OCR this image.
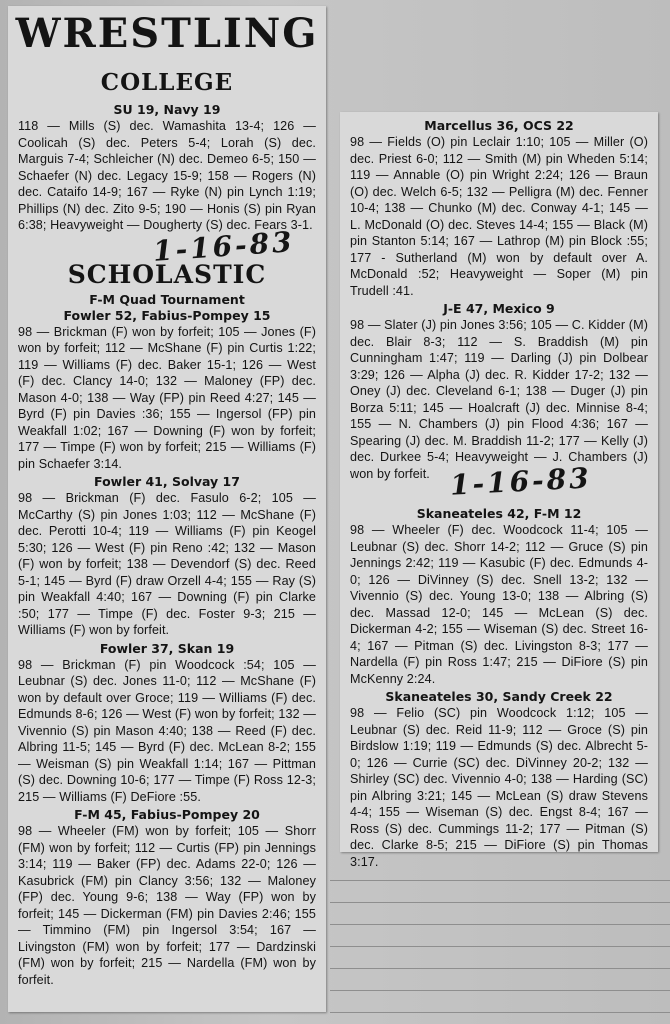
WRESTLING
COLLEGE
SU 19, Navy 19

118 — Mills (S) dec. Wamashita 13-4; 126 — Coolicah (S) dec. Peters 5-4; Lorah (S) dec. Marguis 7-4; Schleicher (N) dec. Demeo 6-5; 150 — Schaefer (N) dec. Legacy 15-9; 158 — Rogers (N) dec. Cataifo 14-9; 167 — Ryke (N) pin Lynch 1:19; Phillips (N) dec. Zito 9-5; 190 — Honis (S) pin Ryan 6:38; Heavyweight — Dougherty (S) dec. Fears 3-1.

SCHOLASTIC
F-M Quad Tournament
Fowler 52, Fabius-Pompey 15

98 — Brickman (F) won by forfeit; 105 — Jones (F) won by forfeit; 112 — McShane (F) pin Curtis 1:22; 119 — Williams (F) dec. Baker 15-1; 126 — West (F) dec. Clancy 14-0; 132 — Maloney (FP) dec. Mason 4-0; 138 — Way (FP) pin Reed 4:27; 145 — Byrd (F) pin Davies :36; 155 — Ingersol (FP) pin Weakfall 1:02; 167 — Downing (F) won by forfeit; 177 — Timpe (F) won by forfeit; 215 — Williams (F) pin Schaefer 3:14.

Fowler 41, Solvay 17

98 — Brickman (F) dec. Fasulo 6-2; 105 — McCarthy (S) pin Jones 1:03; 112 — McShane (F) dec. Perotti 10-4; 119 — Williams (F) pin Keogel 5:30; 126 — West (F) pin Reno :42; 132 — Mason (F) won by forfeit; 138 — Devendorf (S) dec. Reed 5-1; 145 — Byrd (F) draw Orzell 4-4; 155 — Ray (S) pin Weakfall 4:40; 167 — Downing (F) pin Clarke :50; 177 — Timpe (F) dec. Foster 9-3; 215 — Williams (F) won by forfeit.

Fowler 37, Skan 19

98 — Brickman (F) pin Woodcock :54; 105 — Leubnar (S) dec. Jones 11-0; 112 — McShane (F) won by default over Groce; 119 — Williams (F) dec. Edmunds 8-6; 126 — West (F) won by forfeit; 132 — Vivennio (S) pin Mason 4:40; 138 — Reed (F) dec. Albring 11-5; 145 — Byrd (F) dec. McLean 8-2; 155 — Weisman (S) pin Weakfall 1:14; 167 — Pittman (S) dec. Downing 10-6; 177 — Timpe (F) Ross 12-3; 215 — Williams (F) DeFiore :55.

F-M 45, Fabius-Pompey 20

98 — Wheeler (FM) won by forfeit; 105 — Shorr (FM) won by forfeit; 112 — Curtis (FP) pin Jennings 3:14; 119 — Baker (FP) dec. Adams 22-0; 126 — Kasubrick (FM) pin Clancy 3:56; 132 — Maloney (FP) dec. Young 9-6; 138 — Way (FP) won by forfeit; 145 — Dickerman (FM) pin Davies 2:46; 155 — Timmino (FM) pin Ingersol 3:54; 167 — Livingston (FM) won by forfeit; 177 — Dardzinski (FM) won by forfeit; 215 — Nardella (FM) won by forfeit.

1-16-83
Marcellus 36, OCS 22

98 — Fields (O) pin Leclair 1:10; 105 — Miller (O) dec. Priest 6-0; 112 — Smith (M) pin Wheden 5:14; 119 — Annable (O) pin Wright 2:24; 126 — Braun (O) dec. Welch 6-5; 132 — Pelligra (M) dec. Fenner 10-4; 138 — Chunko (M) dec. Conway 4-1; 145 — L. McDonald (O) dec. Steves 14-4; 155 — Black (M) pin Stanton 5:14; 167 — Lathrop (M) pin Block :55; 177 - Sutherland (M) won by default over A. McDonald :52; Heavyweight — Soper (M) pin Trudell :41.

J-E 47, Mexico 9

98 — Slater (J) pin Jones 3:56; 105 — C. Kidder (M) dec. Blair 8-3; 112 — S. Braddish (M) pin Cunningham 1:47; 119 — Darling (J) pin Dolbear 3:29; 126 — Alpha (J) dec. R. Kidder 17-2; 132 — Oney (J) dec. Cleveland 6-1; 138 — Duger (J) pin Borza 5:11; 145 — Hoalcraft (J) dec. Minnise 8-4; 155 — N. Chambers (J) pin Flood 4:36; 167 — Spearing (J) dec. M. Braddish 11-2; 177 — Kelly (J) dec. Durkee 5-4; Heavyweight — J. Chambers (J) won by forfeit.

Skaneateles 42, F-M 12

98 — Wheeler (F) dec. Woodcock 11-4; 105 — Leubnar (S) dec. Shorr 14-2; 112 — Gruce (S) pin Jennings 2:42; 119 — Kasubic (F) dec. Edmunds 4-0; 126 — DiVinney (S) dec. Snell 13-2; 132 — Vivennio (S) dec. Young 13-0; 138 — Albring (S) dec. Massad 12-0; 145 — McLean (S) dec. Dickerman 4-2; 155 — Wiseman (S) dec. Street 16-4; 167 — Pitman (S) dec. Livingston 8-3; 177 — Nardella (F) pin Ross 1:47; 215 — DiFiore (S) pin McKenny 2:24.

Skaneateles 30, Sandy Creek 22

98 — Felio (SC) pin Woodcock 1:12; 105 — Leubnar (S) dec. Reid 11-9; 112 — Groce (S) pin Birdslow 1:19; 119 — Edmunds (S) dec. Albrecht 5-0; 126 — Currie (SC) dec. DiVinney 20-2; 132 — Shirley (SC) dec. Vivennio 4-0; 138 — Harding (SC) pin Albring 3:21; 145 — McLean (S) draw Stevens 4-4; 155 — Wiseman (S) dec. Engst 8-4; 167 — Ross (S) dec. Cummings 11-2; 177 — Pitman (S) dec. Clarke 8-5; 215 — DiFiore (S) pin Thomas 3:17.

1-16-83
